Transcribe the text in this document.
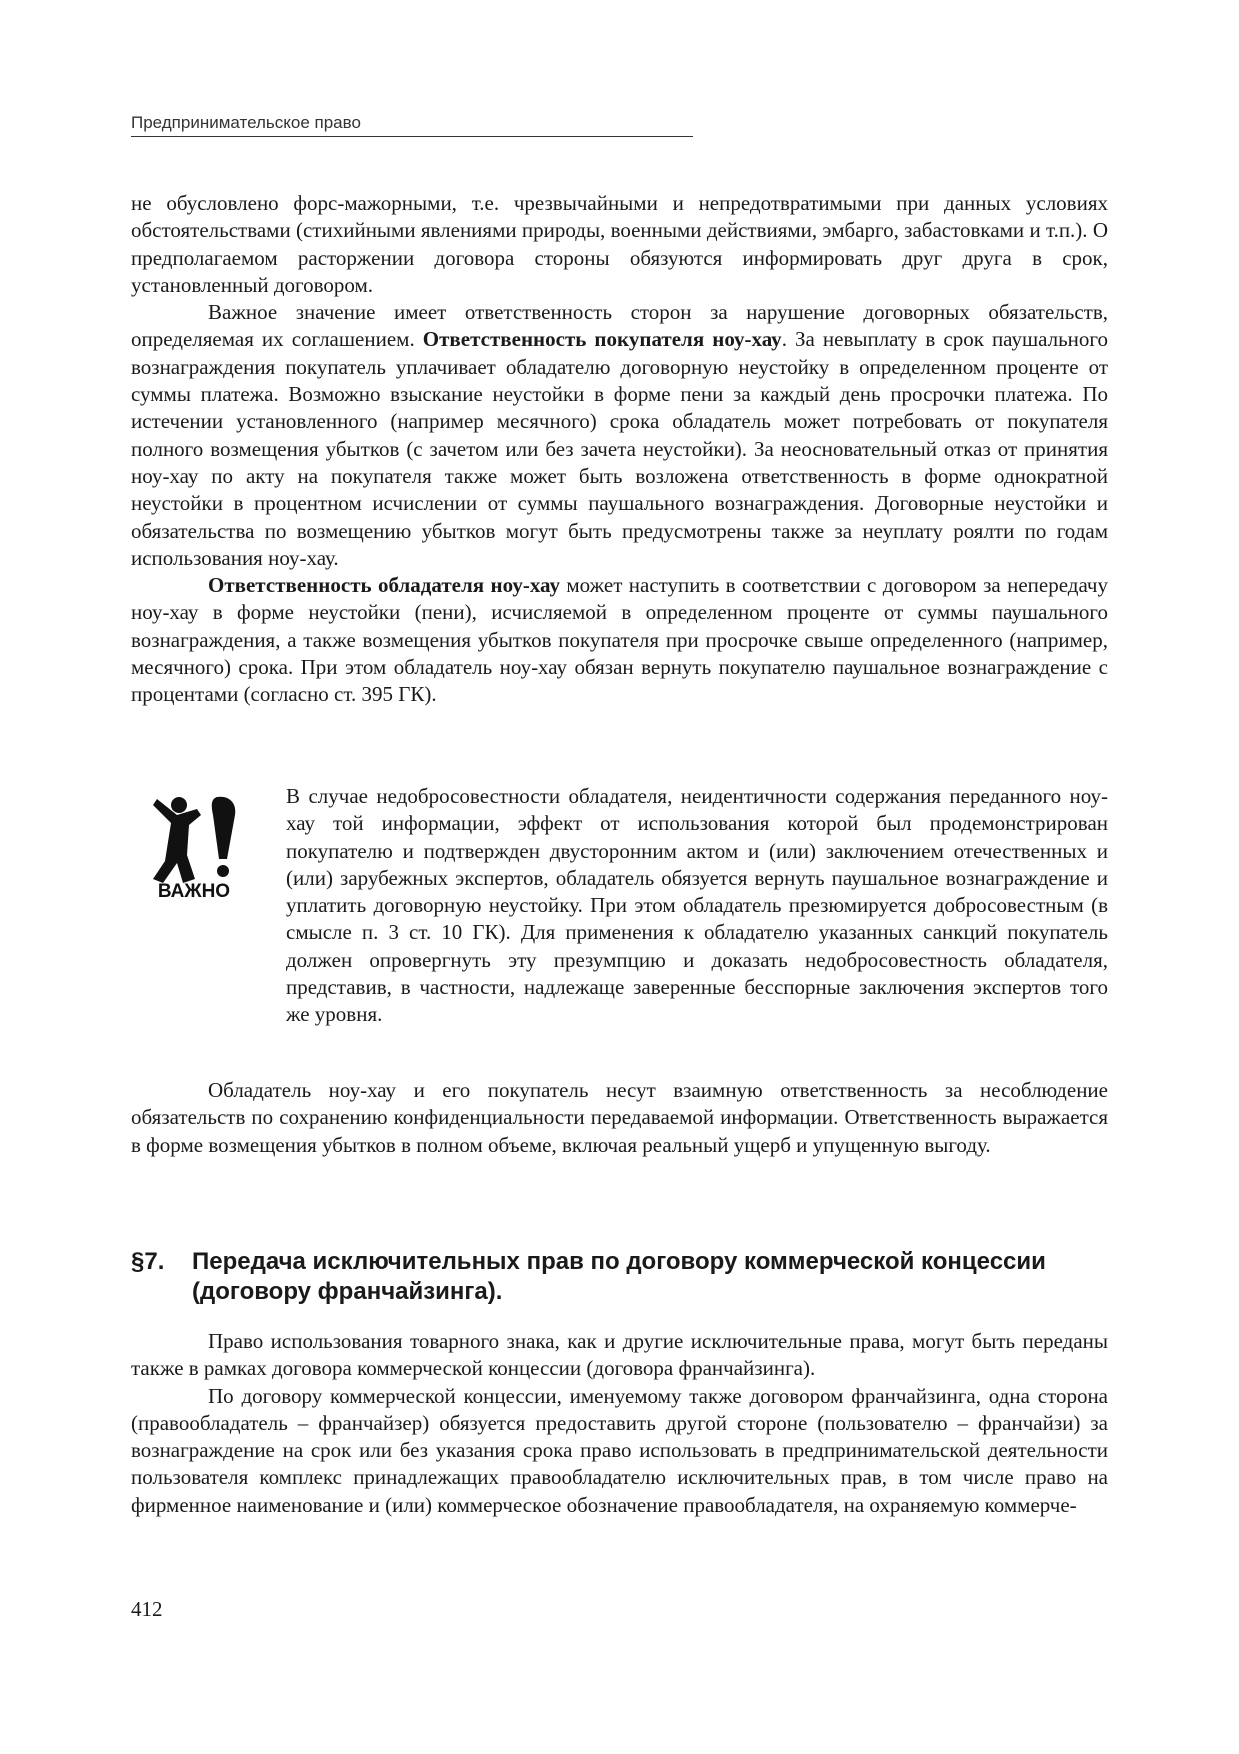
Предпринимательское право

не обусловлено форс-мажорными, т.е. чрезвычайными и непредотвратимыми при данных условиях обстоятельствами (стихийными явлениями природы, военными действиями, эмбарго, забастовками и т.п.). О предполагаемом расторжении договора стороны обязуются информировать друг друга в срок, установленный договором.

Важное значение имеет ответственность сторон за нарушение договорных обязательств, определяемая их соглашением. Ответственность покупателя ноу-хау. За невыплату в срок паушального вознаграждения покупатель уплачивает обладателю договорную неустойку в определенном проценте от суммы платежа. Возможно взыскание неустойки в форме пени за каждый день просрочки платежа. По истечении установленного (например месячного) срока обладатель может потребовать от покупателя полного возмещения убытков (с зачетом или без зачета неустойки). За неосновательный отказ от принятия ноу-хау по акту на покупателя также может быть возложена ответственность в форме однократной неустойки в процентном исчислении от суммы паушального вознаграждения. Договорные неустойки и обязательства по возмещению убытков могут быть предусмотрены также за неуплату роялти по годам использования ноу-хау.

Ответственность обладателя ноу-хау может наступить в соответствии с договором за непередачу ноу-хау в форме неустойки (пени), исчисляемой в определенном проценте от суммы паушального вознаграждения, а также возмещения убытков покупателя при просрочке свыше определенного (например, месячного) срока. При этом обладатель ноу-хау обязан вернуть покупателю паушальное вознаграждение с процентами (согласно ст. 395 ГК).

ВАЖНО

В случае недобросовестности обладателя, неидентичности содержания переданного ноу-хау той информации, эффект от использования которой был продемонстрирован покупателю и подтвержден двусторонним актом и (или) заключением отечественных и (или) зарубежных экспертов, обладатель обязуется вернуть паушальное вознаграждение и уплатить договорную неустойку. При этом обладатель презюмируется добросовестным (в смысле п. 3 ст. 10 ГК). Для применения к обладателю указанных санкций покупатель должен опровергнуть эту презумпцию и доказать недобросовестность обладателя, представив, в частности, надлежаще заверенные бесспорные заключения экспертов того же уровня.

Обладатель ноу-хау и его покупатель несут взаимную ответственность за несоблюдение обязательств по сохранению конфиденциальности передаваемой информации. Ответственность выражается в форме возмещения убытков в полном объеме, включая реальный ущерб и упущенную выгоду.

§7. Передача исключительных прав по договору коммерческой концессии (договору франчайзинга).

Право использования товарного знака, как и другие исключительные права, могут быть переданы также в рамках договора коммерческой концессии (договора франчайзинга).

По договору коммерческой концессии, именуемому также договором франчайзинга, одна сторона (правообладатель – франчайзер) обязуется предоставить другой стороне (пользователю – франчайзи) за вознаграждение на срок или без указания срока право использовать в предпринимательской деятельности пользователя комплекс принадлежащих правообладателю исключительных прав, в том числе право на фирменное наименование и (или) коммерческое обозначение правообладателя, на охраняемую коммерче-

412
